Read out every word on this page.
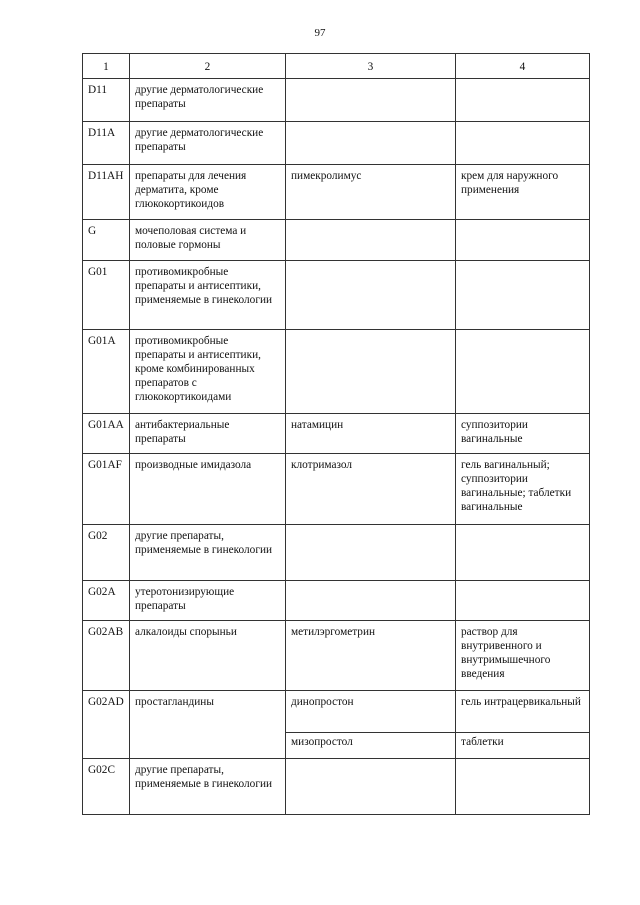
97
1	2	3	4
D11	другие дерматологические препараты		
D11A	другие дерматологические препараты		
D11AH	препараты для лечения дерматита, кроме глюкокортикоидов	пимекролимус	крем для наружного применения
G	мочеполовая система и половые гормоны		
G01	противомикробные препараты и антисептики, применяемые в гинекологии		
G01A	противомикробные препараты и антисептики, кроме комбинированных препаратов с глюкокортикоидами		
G01AA	антибактериальные препараты	натамицин	суппозитории вагинальные
G01AF	производные имидазола	клотримазол	гель вагинальный; суппозитории вагинальные; таблетки вагинальные
G02	другие препараты, применяемые в гинекологии		
G02A	утеротонизирующие препараты		
G02AB	алкалоиды спорыньи	метилэргометрин	раствор для внутривенного и внутримышечного введения
G02AD	простагландины	динопростон	гель интрацервикальный
		мизопростол	таблетки
G02C	другие препараты, применяемые в гинекологии		
